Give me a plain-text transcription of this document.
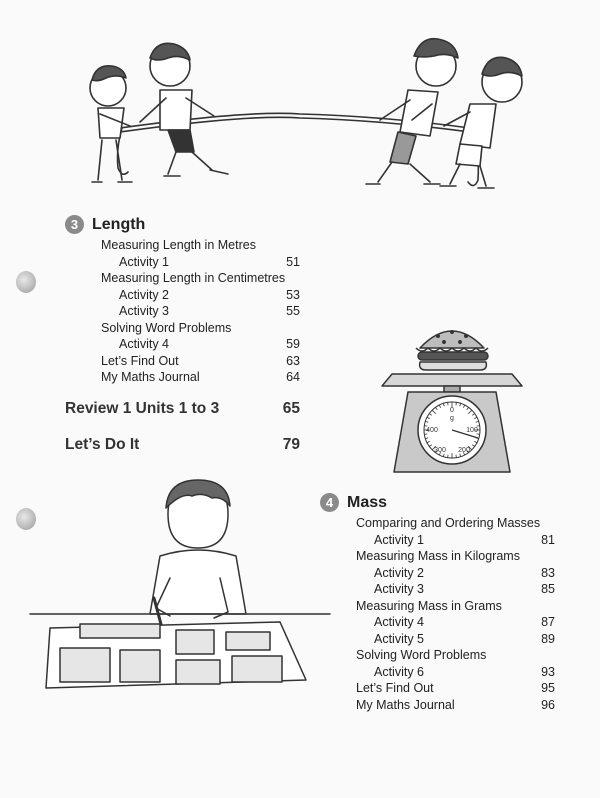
3 Length
Measuring Length in Metres
Activity 1	51
Measuring Length in Centimetres
Activity 2	53
Activity 3	55
Solving Word Problems
Activity 4	59
Let’s Find Out	63
My Maths Journal	64
Review 1 Units 1 to 3	65
Let’s Do It	79
0
g
100
200
300
400
4 Mass
Comparing and Ordering Masses
Activity 1	81
Measuring Mass in Kilograms
Activity 2	83
Activity 3	85
Measuring Mass in Grams
Activity 4	87
Activity 5	89
Solving Word Problems
Activity 6	93
Let’s Find Out	95
My Maths Journal	96
